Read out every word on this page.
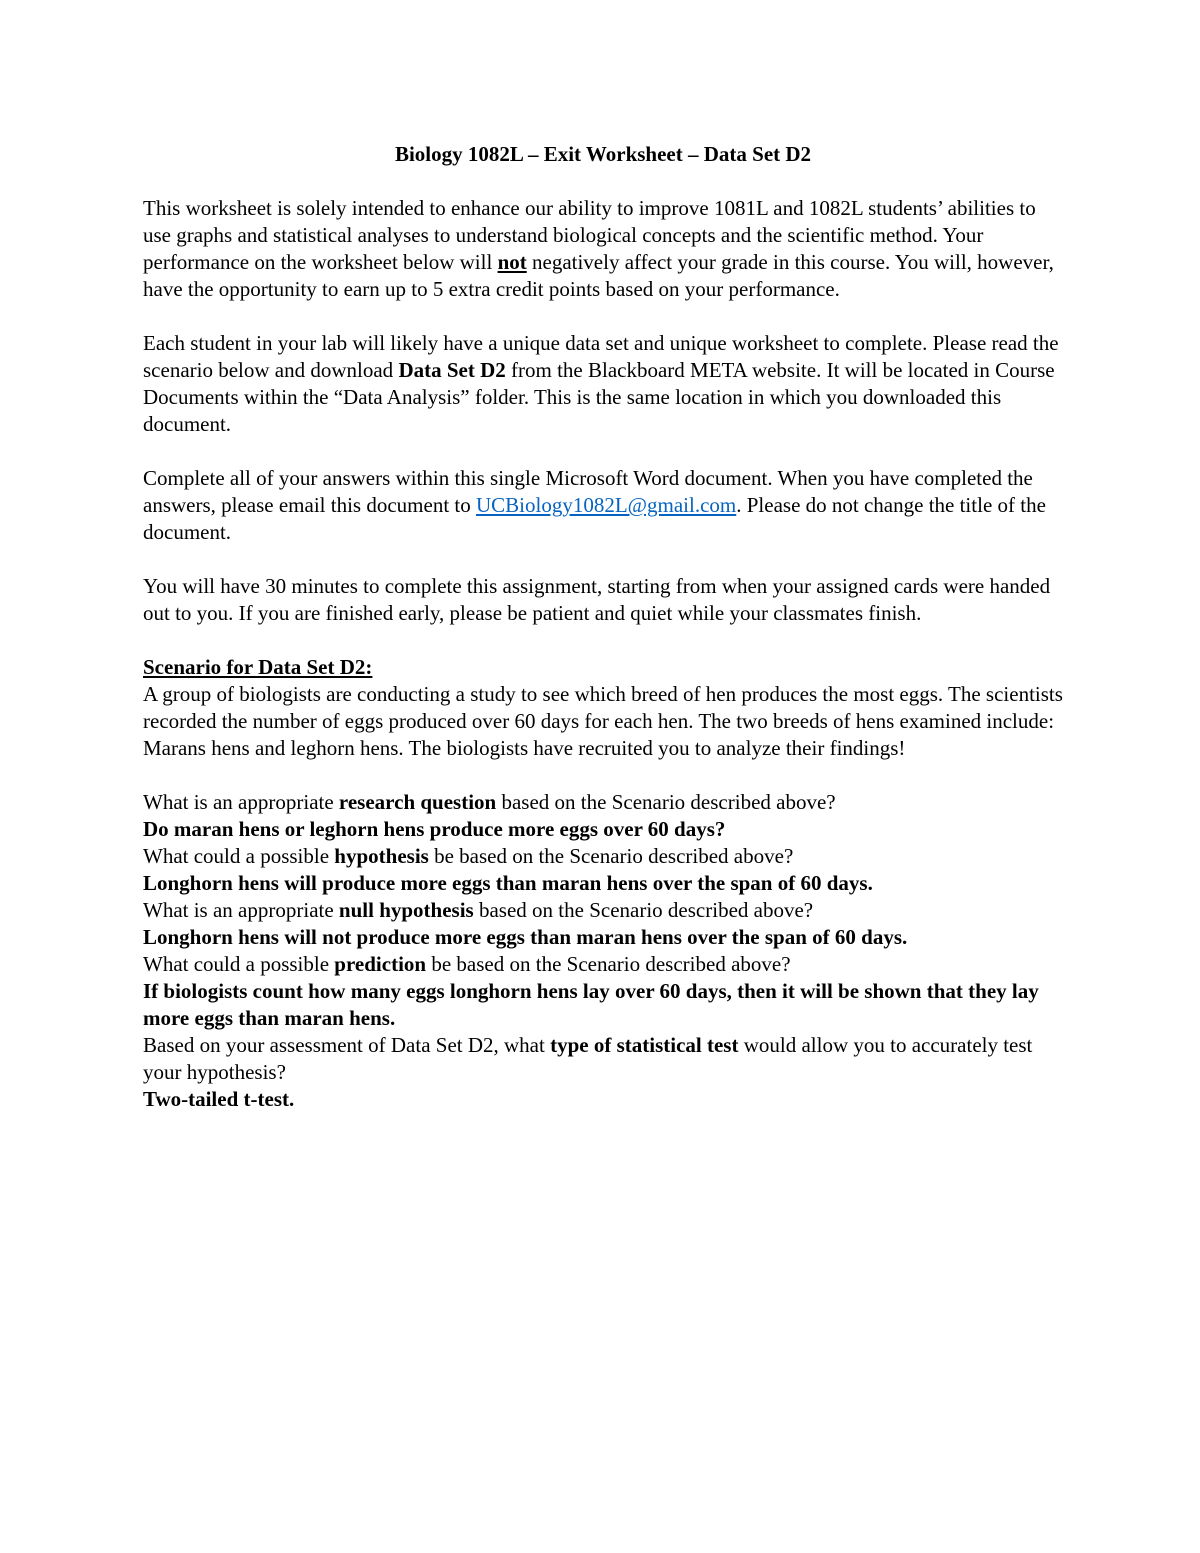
Biology 1082L – Exit Worksheet – Data Set D2

This worksheet is solely intended to enhance our ability to improve 1081L and 1082L students’ abilities to use graphs and statistical analyses to understand biological concepts and the scientific method. Your performance on the worksheet below will not negatively affect your grade in this course. You will, however, have the opportunity to earn up to 5 extra credit points based on your performance.

Each student in your lab will likely have a unique data set and unique worksheet to complete. Please read the scenario below and download Data Set D2 from the Blackboard META website. It will be located in Course Documents within the “Data Analysis” folder. This is the same location in which you downloaded this document.

Complete all of your answers within this single Microsoft Word document. When you have completed the answers, please email this document to UCBiology1082L@gmail.com. Please do not change the title of the document.

You will have 30 minutes to complete this assignment, starting from when your assigned cards were handed out to you. If you are finished early, please be patient and quiet while your classmates finish.

Scenario for Data Set D2:
A group of biologists are conducting a study to see which breed of hen produces the most eggs. The scientists recorded the number of eggs produced over 60 days for each hen. The two breeds of hens examined include: Marans hens and leghorn hens. The biologists have recruited you to analyze their findings!

What is an appropriate research question based on the Scenario described above?

Do maran hens or leghorn hens produce more eggs over 60 days?

What could a possible hypothesis be based on the Scenario described above?

Longhorn hens will produce more eggs than maran hens over the span of 60 days.

What is an appropriate null hypothesis based on the Scenario described above?

Longhorn hens will not produce more eggs than maran hens over the span of 60 days.

What could a possible prediction be based on the Scenario described above?

If biologists count how many eggs longhorn hens lay over 60 days, then it will be shown that they lay more eggs than maran hens.

Based on your assessment of Data Set D2, what type of statistical test would allow you to accurately test your hypothesis?

Two-tailed t-test.
